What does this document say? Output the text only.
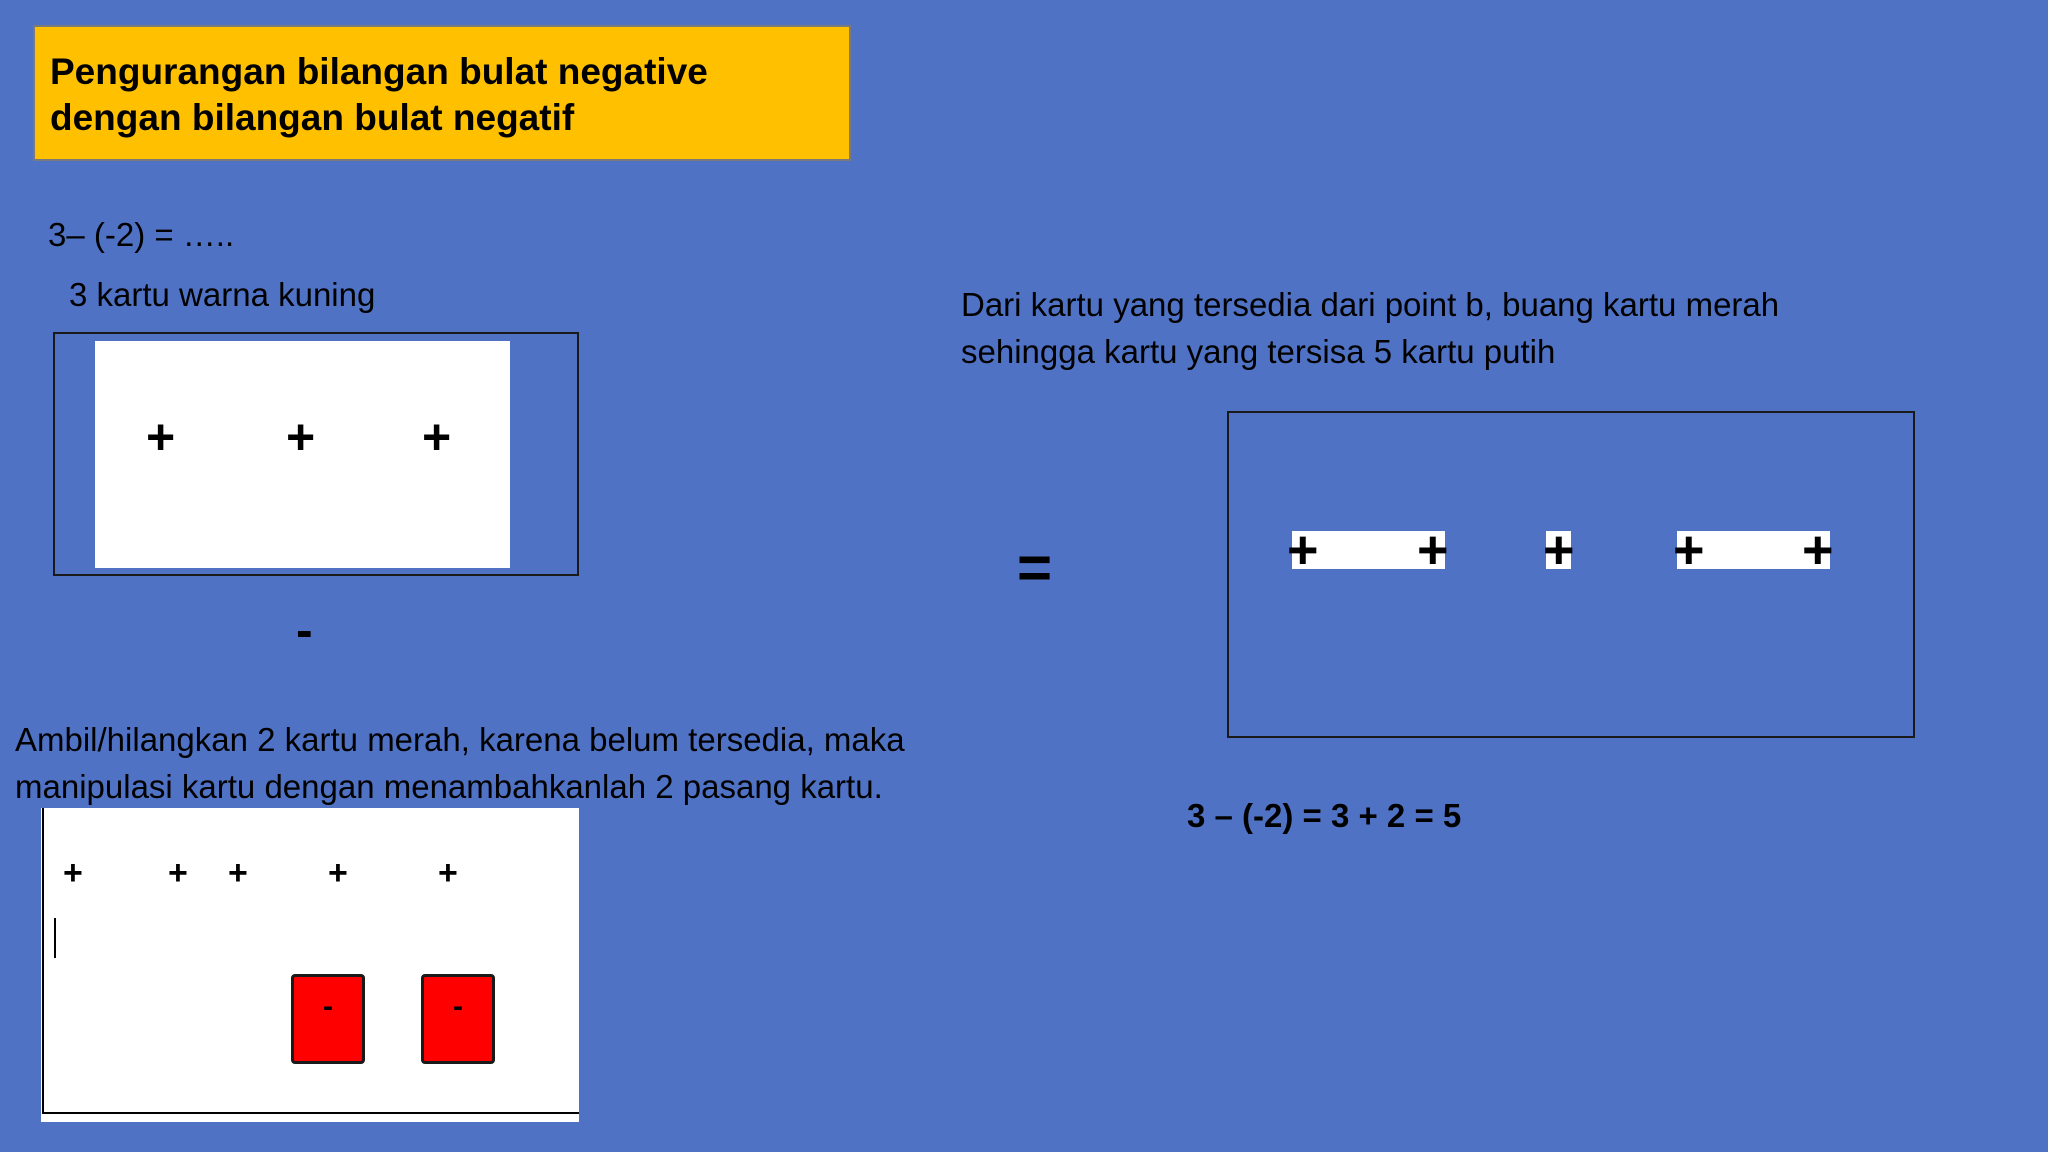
Pengurangan bilangan bulat negative
dengan bilangan bulat negatif
3– (-2) = …..
3 kartu warna kuning
+ + +
-
Ambil/hilangkan 2 kartu merah, karena belum tersedia, maka
manipulasi kartu dengan menambahkanlah 2 pasang kartu.
+	+ + +	+
-	-
=
Dari kartu yang tersedia dari point b, buang kartu merah
sehingga kartu yang tersisa 5 kartu putih
+ + + + +
3 – (-2) = 3 + 2 = 5
